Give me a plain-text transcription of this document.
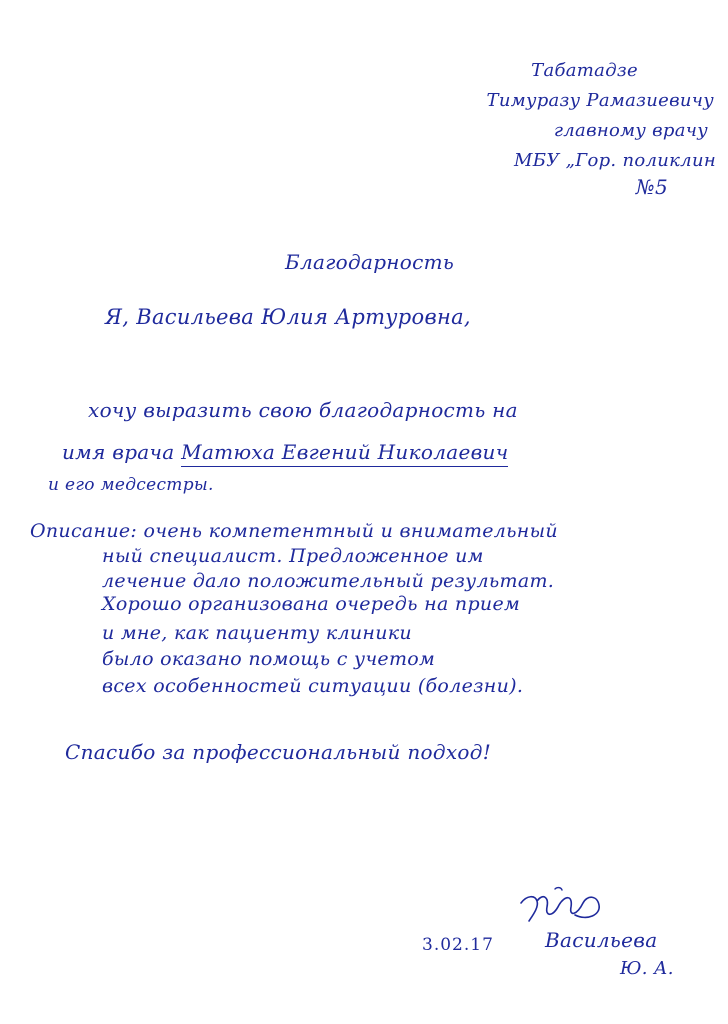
Табатадзе
Тимуразу Рамазиевичу
главному врачу
МБУ „Гор. поликлин
№5
Благодарность
Я, Васильева Юлия Артуровна,
хочу выразить свою благодарность на
имя врача Матюха Евгений Николаевич
и его медсестры.
Описание: очень компетентный и внимательный
ный специалист. Предложенное им
лечение дало положительный результат.
Хорошо организована очередь на прием
и мне, как пациенту клиники
было оказано помощь с учетом
всех особенностей ситуации (болезни).
Спасибо за профессиональный подход!
3.02.17	Васильева
Ю. А.
